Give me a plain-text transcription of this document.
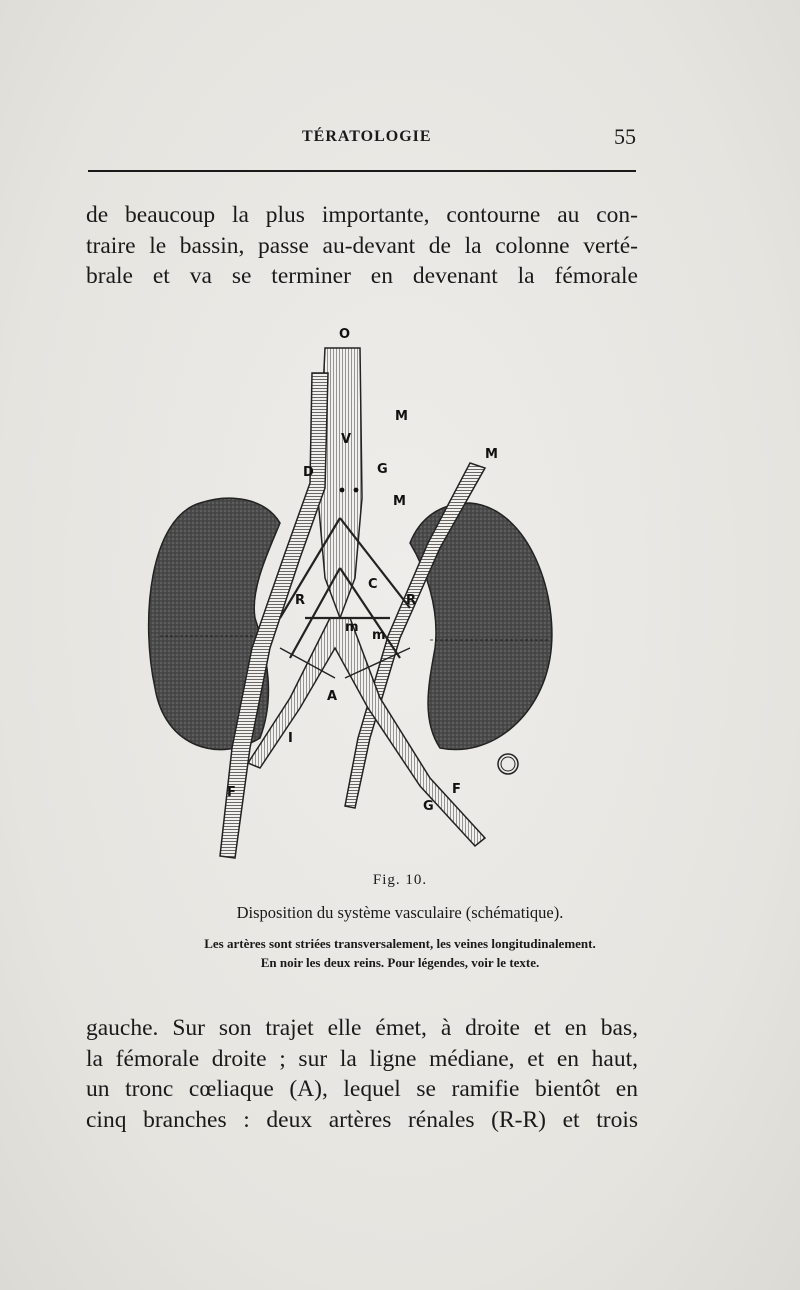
TÉRATOLOGIE	55
de beaucoup la plus importante, contourne au con-
traire le bassin, passe au-devant de la colonne verté-
brale et va se terminer en devenant la fémorale
O
M
V
D	G
M
M
R
C
R
m
m
A
I
F
G
F
Fig. 10.
Disposition du système vasculaire (schématique).
Les artères sont striées transversalement, les veines longitudinalement.
En noir les deux reins. Pour légendes, voir le texte.
gauche. Sur son trajet elle émet, à droite et en bas,
la fémorale droite ; sur la ligne médiane, et en haut,
un tronc cœliaque (A), lequel se ramifie bientôt en
cinq branches : deux artères rénales (R-R) et trois
